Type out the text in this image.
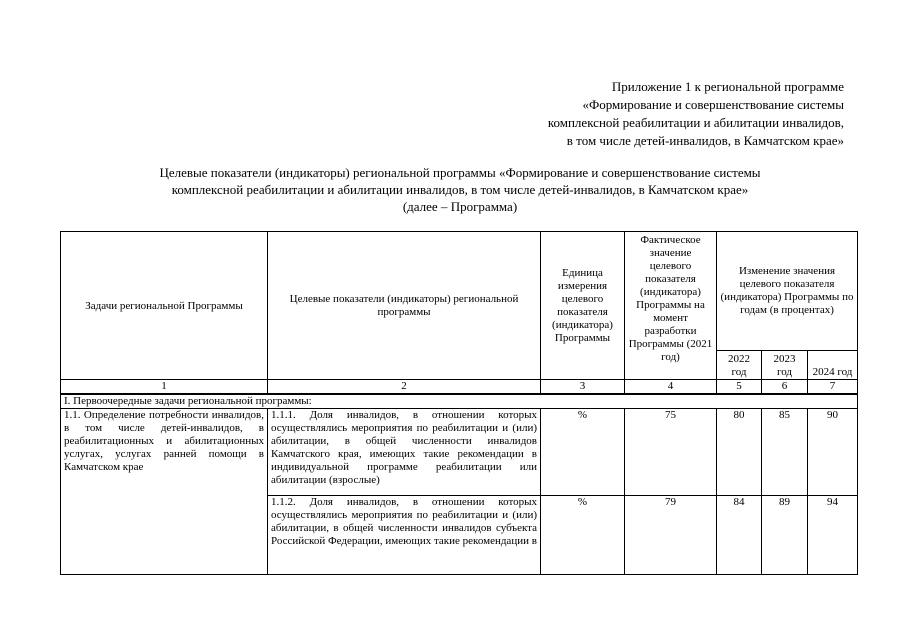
Приложение 1 к региональной программе
«Формирование и совершенствование системы
комплексной реабилитации и абилитации инвалидов,
в том числе детей-инвалидов, в Камчатском крае»
Целевые показатели (индикаторы) региональной программы «Формирование и совершенствование системы
комплексной реабилитации и абилитации инвалидов, в том числе детей-инвалидов, в Камчатском крае»
(далее – Программа)
Задачи региональной Программы	Целевые показатели (индикаторы) региональной программы	Единица измерения целевого показателя (индикатора) Программы	Фактическое значение целевого показателя (индикатора) Программы на момент разработки Программы (2021 год)	Изменение значения целевого показателя (индикатора) Программы по годам (в процентах)		
				2022 год	2023 год	2024 год
1	2	3	4	5	6	7
I. Первоочередные задачи региональной программы:						
1.1. Определение потребности инвалидов, в том числе детей-инвалидов, в реабилитационных и абилитационных услугах, услугах ранней помощи в Камчатском крае	1.1.1. Доля инвалидов, в отношении которых осуществлялись мероприятия по реабилитации и (или) абилитации, в общей численности инвалидов Камчатского края, имеющих такие рекомендации в индивидуальной программе реабилитации или абилитации (взрослые)	%	75	80	85	90
	1.1.2. Доля инвалидов, в отношении которых осуществлялись мероприятия по реабилитации и (или) абилитации, в общей численности инвалидов субъекта Российской Федерации, имеющих такие рекомендации в	%	79	84	89	94
